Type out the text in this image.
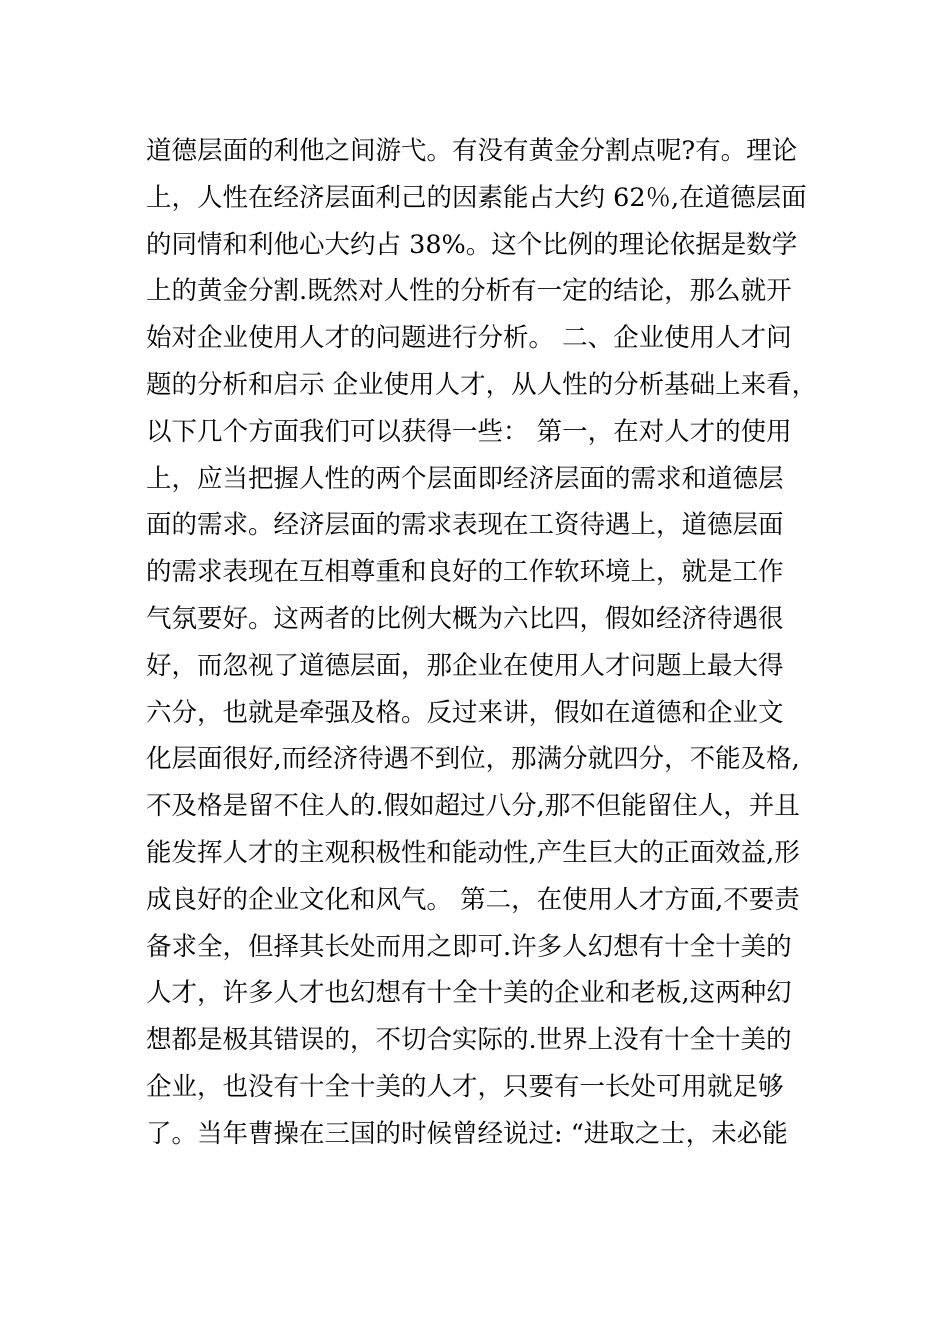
道德层面的利他之间游弋。有没有黄金分割点呢?有。理论
上，人性在经济层面利己的因素能占大约 62％,在道德层面
的同情和利他心大约占 38%。这个比例的理论依据是数学
上的黄金分割.既然对人性的分析有一定的结论，那么就开
始对企业使用人才的问题进行分析。 二、企业使用人才问
题的分析和启示 企业使用人才，从人性的分析基础上来看，
以下几个方面我们可以获得一些： 第一，在对人才的使用
上，应当把握人性的两个层面即经济层面的需求和道德层
面的需求。经济层面的需求表现在工资待遇上，道德层面
的需求表现在互相尊重和良好的工作软环境上，就是工作
气氛要好。这两者的比例大概为六比四，假如经济待遇很
好，而忽视了道德层面，那企业在使用人才问题上最大得
六分，也就是牵强及格。反过来讲，假如在道德和企业文
化层面很好,而经济待遇不到位，那满分就四分，不能及格,
不及格是留不住人的.假如超过八分,那不但能留住人，并且
能发挥人才的主观积极性和能动性,产生巨大的正面效益,形
成良好的企业文化和风气。 第二，在使用人才方面,不要责
备求全，但择其长处而用之即可.许多人幻想有十全十美的
人才，许多人才也幻想有十全十美的企业和老板,这两种幻
想都是极其错误的，不切合实际的.世界上没有十全十美的
企业，也没有十全十美的人才，只要有一长处可用就足够
了。当年曹操在三国的时候曾经说过: “进取之士，未必能
